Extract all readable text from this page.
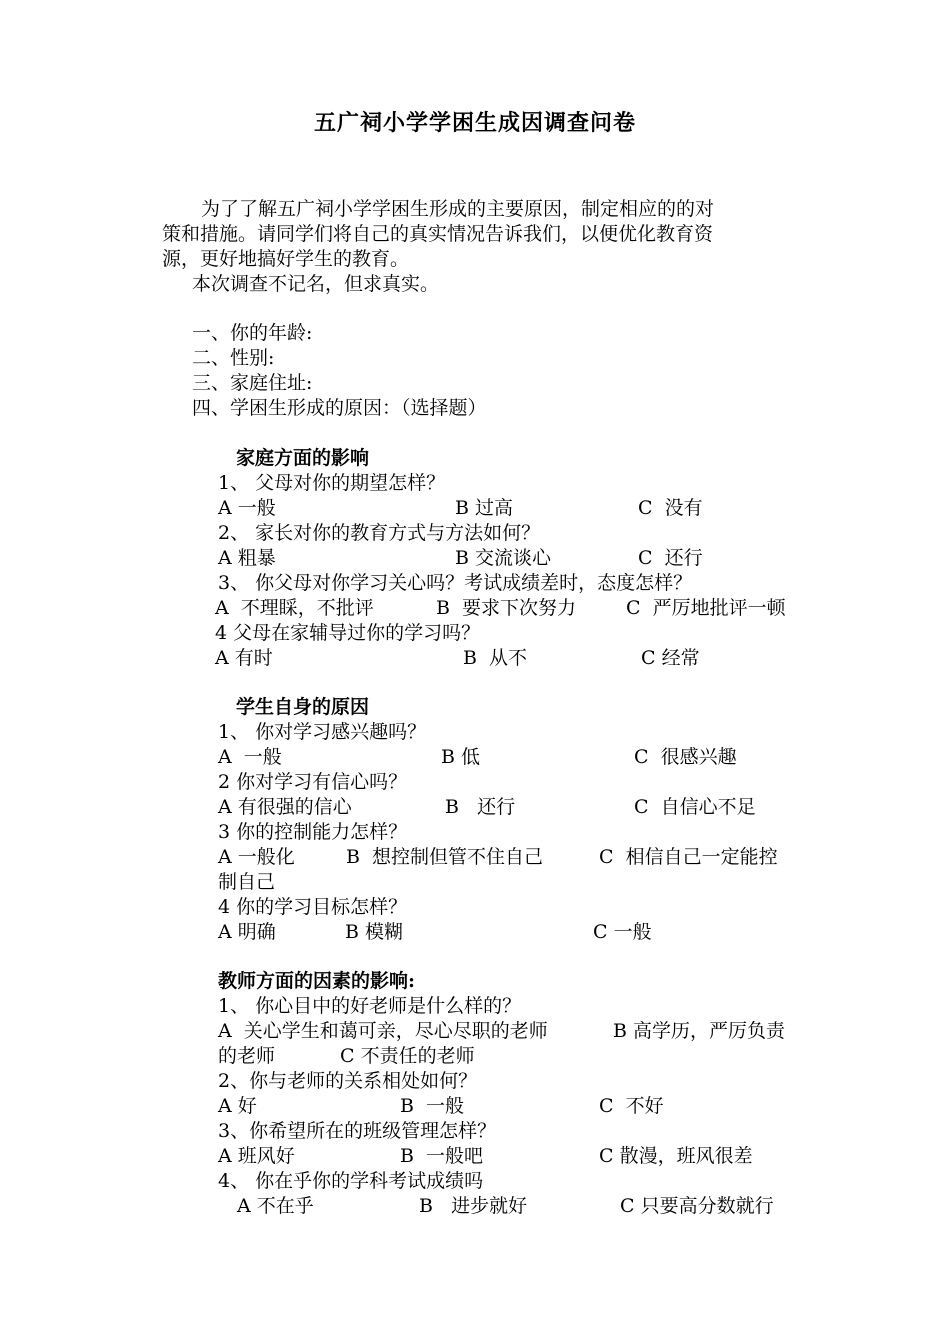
五广祠小学学困生成因调查问卷
为了了解五广祠小学学困生形成的主要原因，制定相应的的对
策和措施。请同学们将自己的真实情况告诉我们，以便优化教育资
源，更好地搞好学生的教育。
本次调查不记名，但求真实。
一、你的年龄:
二、性别:
三、家庭住址:
四、学困生形成的原因：（选择题）
家庭方面的影响
1、 父母对你的期望怎样？
A 一般	B 过高	C  没有
2、 家长对你的教育方式与方法如何？
A 粗暴	B 交流谈心	C  还行
3、 你父母对你学习关心吗？考试成绩差时，态度怎样？
A  不理睬，不批评	B  要求下次努力	C  严厉地批评一顿
4 父母在家辅导过你的学习吗？
A 有时	B  从不	C 经常
学生自身的原因
1、 你对学习感兴趣吗？
A  一般	B 低	C  很感兴趣
2 你对学习有信心吗？
A 有很强的信心	B   还行	C  自信心不足
3 你的控制能力怎样？
A 一般化	B  想控制但管不住自己	C  相信自己一定能控
制自己
4 你的学习目标怎样？
A 明确	B 模糊	C 一般
教师方面的因素的影响:
1、 你心目中的好老师是什么样的？
A  关心学生和蔼可亲，尽心尽职的老师	B 高学历，严厉负责
的老师	C 不责任的老师
2、你与老师的关系相处如何？
A 好	B  一般	C  不好
3、你希望所在的班级管理怎样？
A 班风好	B  一般吧	C 散漫，班风很差
4、 你在乎你的学科考试成绩吗
A 不在乎	B   进步就好	C 只要高分数就行
